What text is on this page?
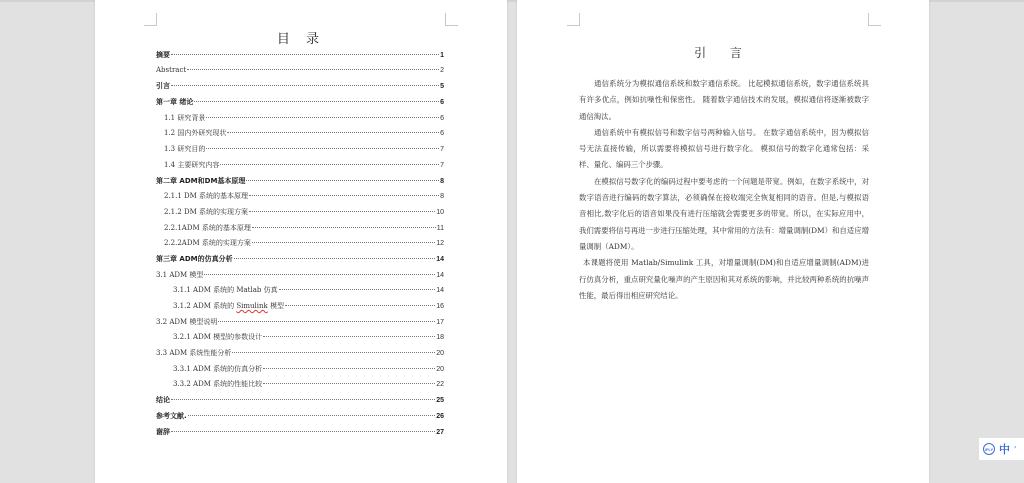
目 录
摘要	1
Abstract	2
引言	5
第一章 绪论	6
1.1 研究背景	6
1.2 国内外研究现状	6
1.3 研究目的	7
1.4 主要研究内容	7
第二章 ADM和DM基本原理	8
2.1.1 DM 系统的基本原理	8
2.1.2 DM 系统的实现方案	10
2.2.1ADM 系统的基本原理	11
2.2.2ADM 系统的实现方案	12
第三章 ADM的仿真分析	14
3.1 ADM 模型	14
3.1.1 ADM 系统的 Matlab 仿真	14
3.1.2 ADM 系统的 Simulink 模型	16
3.2 ADM 模型说明	17
3.2.1 ADM 模型的参数设计	18
3.3 ADM 系统性能分析	20
3.3.1 ADM 系统的仿真分析	20
3.3.2 ADM 系统的性能比较	22
结论	25
参考文献.	26
谢辞	27
引 言

通信系统分为模拟通信系统和数字通信系统。 比起模拟通信系统，数字通信系统具有许多优点，例如抗噪性和保密性。 随着数字通信技术的发展，模拟通信将逐渐被数字通信淘汰。

通信系统中有模拟信号和数字信号两种输入信号。 在数字通信系统中，因为模拟信号无法直接传输，所以需要将模拟信号进行数字化。 模拟信号的数字化通常包括：采样、量化、编码三个步骤。

在模拟信号数字化的编码过程中要考虑的一个问题是带宽。例如，在数字系统中，对数字语音进行编码的数字算法，必须确保在接收端完全恢复相同的语音。但是,与模拟语音相比,数字化后的语音如果没有进行压缩就会需要更多的带宽。所以，在实际应用中，我们需要将信号再进一步进行压缩处理，其中常用的方法有：增量调制(DM）和自适应增量调制（ADM）。

本课题将使用 Matlab/Simulink 工具，对增量调制(DM)和自适应增量调制(ADM)进行仿真分析，重点研究量化噪声的产生原因和其对系统的影响，并比较两种系统的抗噪声性能，最后得出相应研究结论。

iFLY 中 '
